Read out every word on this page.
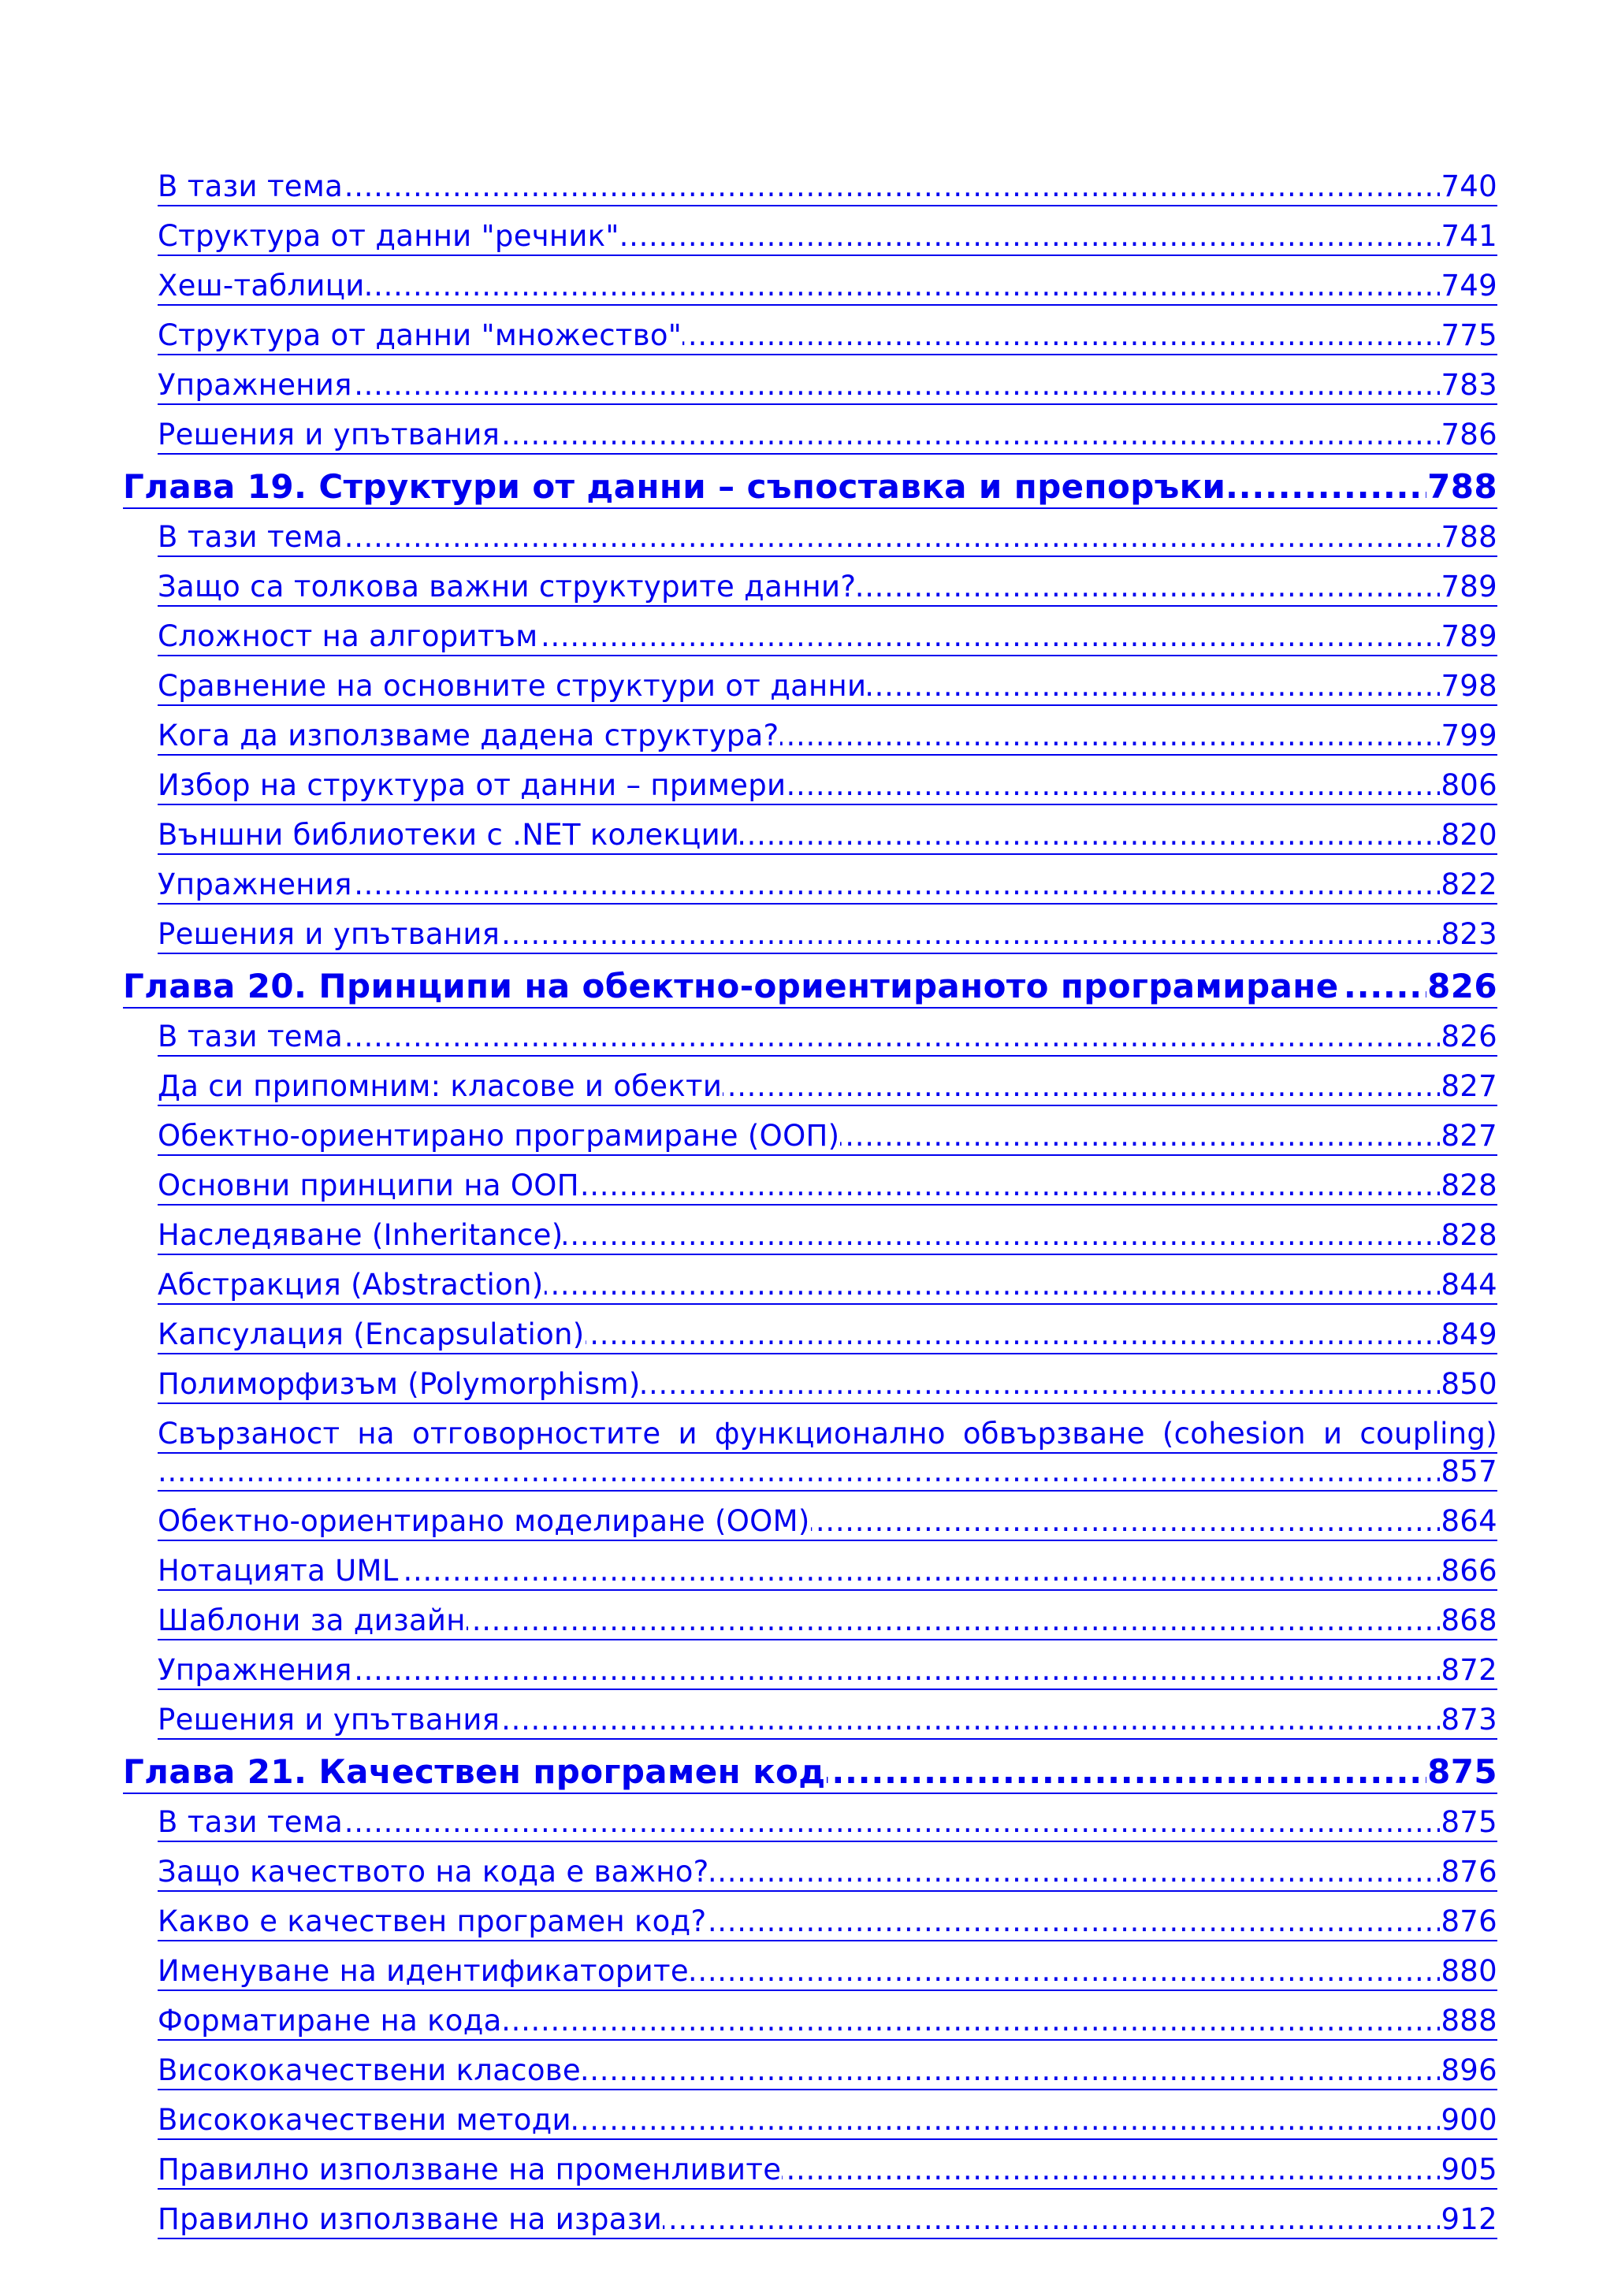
..... В тази тема	740
..... Структура от данни "речник"	741
..... Хеш-таблици	749
..... Структура от данни "множество"	775
..... Упражнения	783
..... Решения и упътвания	786
..... Глава 19. Структури от данни – съпоставка и препоръки	788
..... В тази тема	788
..... Защо са толкова важни структурите данни?	789
..... Сложност на алгоритъм	789
..... Сравнение на основните структури от данни	798
..... Кога да използваме дадена структура?	799
..... Избор на структура от данни – примери	806
..... Външни библиотеки с .NET колекции	820
..... Упражнения	822
..... Решения и упътвания	823
..... Глава 20. Принципи на обектно-ориентираното програмиране	826
..... В тази тема	826
..... Да си припомним: класове и обекти	827
..... Обектно-ориентирано програмиране (ООП)	827
..... Основни принципи на ООП	828
..... Наследяване (Inheritance)	828
..... Абстракция (Abstraction)	844
..... Капсулация (Encapsulation)	849
..... Полиморфизъм (Polymorphism)	850
Свързаност на отговорностите и функционално обвързване (cohesion и coupling)
..... 857
..... Обектно-ориентирано моделиране (OOM)	864
..... Нотацията UML	866
..... Шаблони за дизайн	868
..... Упражнения	872
..... Решения и упътвания	873
..... Глава 21. Качествен програмен код	875
..... В тази тема	875
..... Защо качеството на кода е важно?	876
..... Какво е качествен програмен код?	876
..... Именуване на идентификаторите	880
..... Форматиране на кода	888
..... Висококачествени класове	896
..... Висококачествени методи	900
..... Правилно използване на променливите	905
..... Правилно използване на изрази	912
